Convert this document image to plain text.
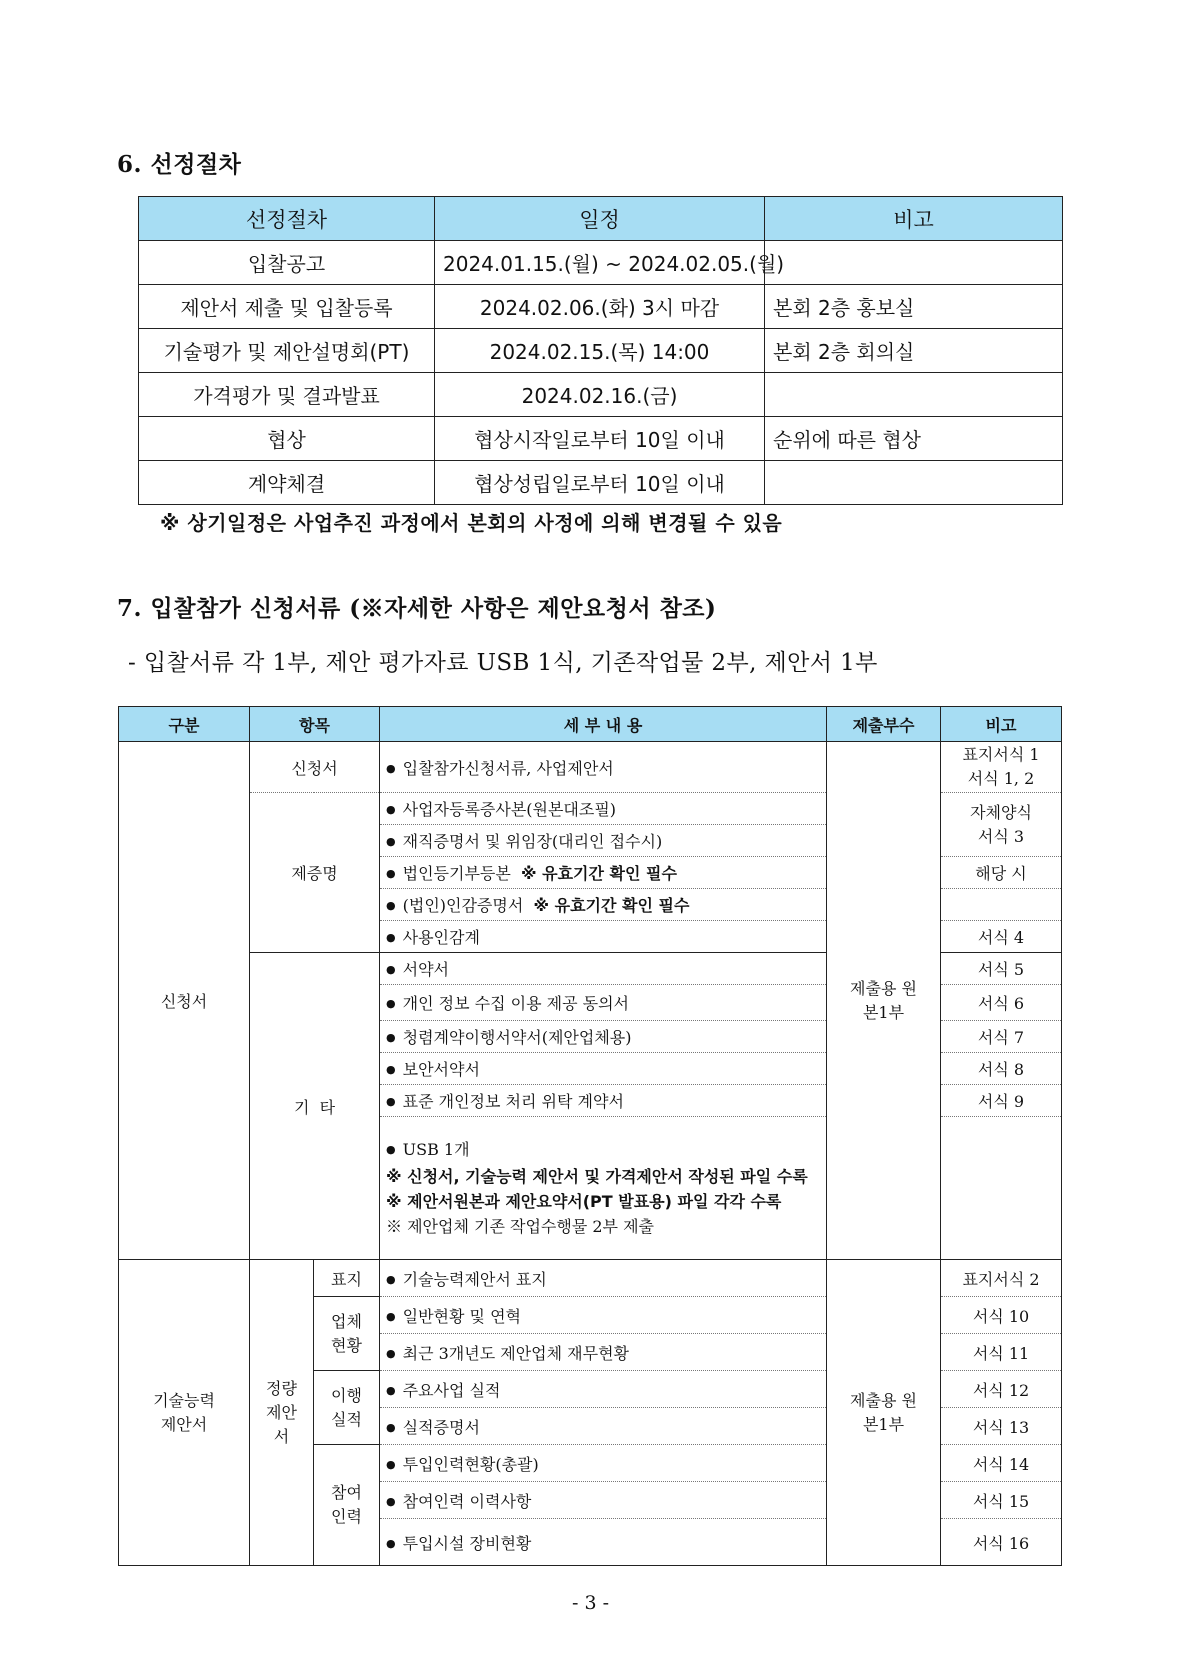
6. 선정절차
선정절차	일정	비고
입찰공고	2024.01.15.(월) ~ 2024.02.05.(월)	
제안서 제출 및 입찰등록	2024.02.06.(화) 3시 마감	본회 2층 홍보실
기술평가 및 제안설명회(PT)	2024.02.15.(목) 14:00	본회 2층 회의실
가격평가 및 결과발표	2024.02.16.(금)	
협상	협상시작일로부터 10일 이내	순위에 따른 협상
계약체결	협상성립일로부터 10일 이내	
※ 상기일정은 사업추진 과정에서 본회의 사정에 의해 변경될 수 있음
7. 입찰참가 신청서류 (※자세한 사항은 제안요청서 참조)
- 입찰서류 각 1부, 제안 평가자료 USB 1식, 기존작업물 2부, 제안서 1부
구분	항목		세 부 내 용	제출부수	비고
신청서	신청서		● 입찰참가신청서류, 사업제안서	제출용 원본1부	표지서식 1
서식 1, 2

	제증명		● 사업자등록증사본(원본대조필)		자체양식
서식 3

			● 재직증명서 및 위임장(대리인 접수시)
			● 법인등기부등본 ※ 유효기간 확인 필수		해당 시
			● (법인)인감증명서 ※ 유효기간 확인 필수	
			● 사용인감계		서식 4
	기  타		● 서약서		서식 5
			● 개인 정보 수집 이용 제공 동의서		서식 6
			● 청렴계약이행서약서(제안업체용)		서식 7
			● 보안서약서		서식 8
			● 표준 개인정보 처리 위탁 계약서		서식 9

			● USB 1개
※ 신청서, 기술능력 제안서 및 가격제안서 작성된 파일 수록
※ 제안서원본과 제안요약서(PT 발표용) 파일 각각 수록
※ 제안업체 기존 작업수행물 2부 제출		

기술능력 제안서	정량 제안 서	표지	● 기술능력제안서 표지	제출용 원본1부	표지서식 2

		업체 현황	● 일반현황 및 연혁		서식 10
			● 최근 3개년도 제안업체 재무현황		서식 11

		이행 실적	● 주요사업 실적		서식 12
			● 실적증명서		서식 13

		참여 인력	● 투입인력현황(총괄)		서식 14
			● 참여인력 이력사항		서식 15
			● 투입시설 장비현황		서식 16
- 3 -
